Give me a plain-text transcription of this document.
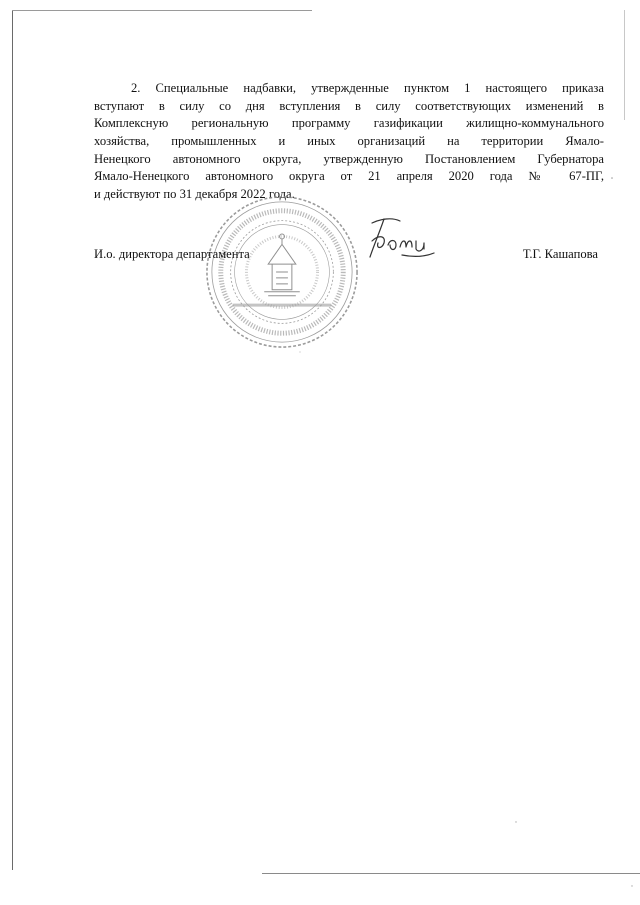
2. Специальные надбавки, утвержденные пунктом 1 настоящего приказа
вступают в силу со дня вступления в силу соответствующих изменений в
Комплексную региональную программу газификации жилищно-коммунального
хозяйства, промышленных и иных организаций на территории Ямало-
Ненецкого автономного округа, утвержденную Постановлением Губернатора
Ямало-Ненецкого автономного округа от 21 апреля 2020 года № 67-ПГ,
и действуют по 31 декабря 2022 года.
И.о. директора департамента	Т.Г. Кашапова
